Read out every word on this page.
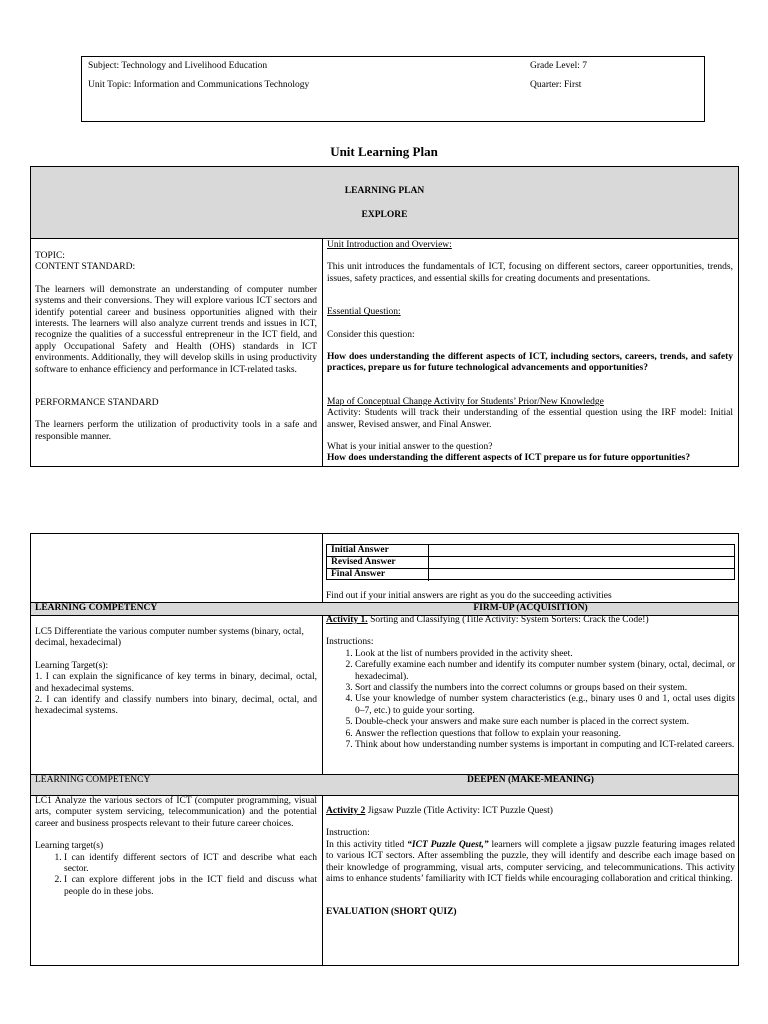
Subject: Technology and Livelihood Education

Unit Topic: Information and Communications Technology

Grade Level: 7

Quarter: First

Unit Learning Plan

LEARNING PLAN

EXPLORE

TOPIC:

CONTENT STANDARD:

The learners will demonstrate an understanding of computer number systems and their conversions. They will explore various ICT sectors and identify potential career and business opportunities aligned with their interests. The learners will also analyze current trends and issues in ICT, recognize the qualities of a successful entrepreneur in the ICT field, and apply Occupational Safety and Health (OHS) standards in ICT environments. Additionally, they will develop skills in using productivity software to enhance efficiency and performance in ICT-related tasks.

PERFORMANCE STANDARD

The learners perform the utilization of productivity tools in a safe and responsible manner.

Unit Introduction and Overview:

This unit introduces the fundamentals of ICT, focusing on different sectors, career opportunities, trends, issues, safety practices, and essential skills for creating documents and presentations.

Essential Question:

Consider this question:

How does understanding the different aspects of ICT, including sectors, careers, trends, and safety practices, prepare us for future technological advancements and opportunities?

Map of Conceptual Change Activity for Students’ Prior/New Knowledge

Activity: Students will track their understanding of the essential question using the IRF model: Initial answer, Revised answer, and Final Answer.

What is your initial answer to the question?

How does understanding the different aspects of ICT prepare us for future opportunities?

Initial Answer
Revised Answer
Final Answer

Find out if your initial answers are right as you do the succeeding activities

LEARNING COMPETENCY	FIRM-UP (ACQUISITION)

LC5 Differentiate the various computer number systems (binary, octal, decimal, hexadecimal)

Learning Target(s):

1. I can explain the significance of key terms in binary, decimal, octal, and hexadecimal systems.

2. I can identify and classify numbers into binary, decimal, octal, and hexadecimal systems.

Activity 1. Sorting and Classifying (Title Activity: System Sorters: Crack the Code!)

Instructions:

1. Look at the list of numbers provided in the activity sheet.
2. Carefully examine each number and identify its computer number system (binary, octal, decimal, or hexadecimal).
3. Sort and classify the numbers into the correct columns or groups based on their system.
4. Use your knowledge of number system characteristics (e.g., binary uses 0 and 1, octal uses digits 0–7, etc.) to guide your sorting.
5. Double-check your answers and make sure each number is placed in the correct system.
6. Answer the reflection questions that follow to explain your reasoning.
7. Think about how understanding number systems is important in computing and ICT-related careers.

LEARNING COMPETENCY	DEEPEN (MAKE-MEANING)

LC1 Analyze the various sectors of ICT (computer programming, visual arts, computer system servicing, telecommunication) and the potential career and business prospects relevant to their future career choices.

Learning target(s)

1. I can identify different sectors of ICT and describe what each sector.
2. I can explore different jobs in the ICT field and discuss what people do in these jobs.

Activity 2 Jigsaw Puzzle (Title Activity: ICT Puzzle Quest)

Instruction:

In this activity titled “ICT Puzzle Quest,” learners will complete a jigsaw puzzle featuring images related to various ICT sectors. After assembling the puzzle, they will identify and describe each image based on their knowledge of programming, visual arts, computer servicing, and telecommunications. This activity aims to enhance students’ familiarity with ICT fields while encouraging collaboration and critical thinking.

EVALUATION (SHORT QUIZ)
